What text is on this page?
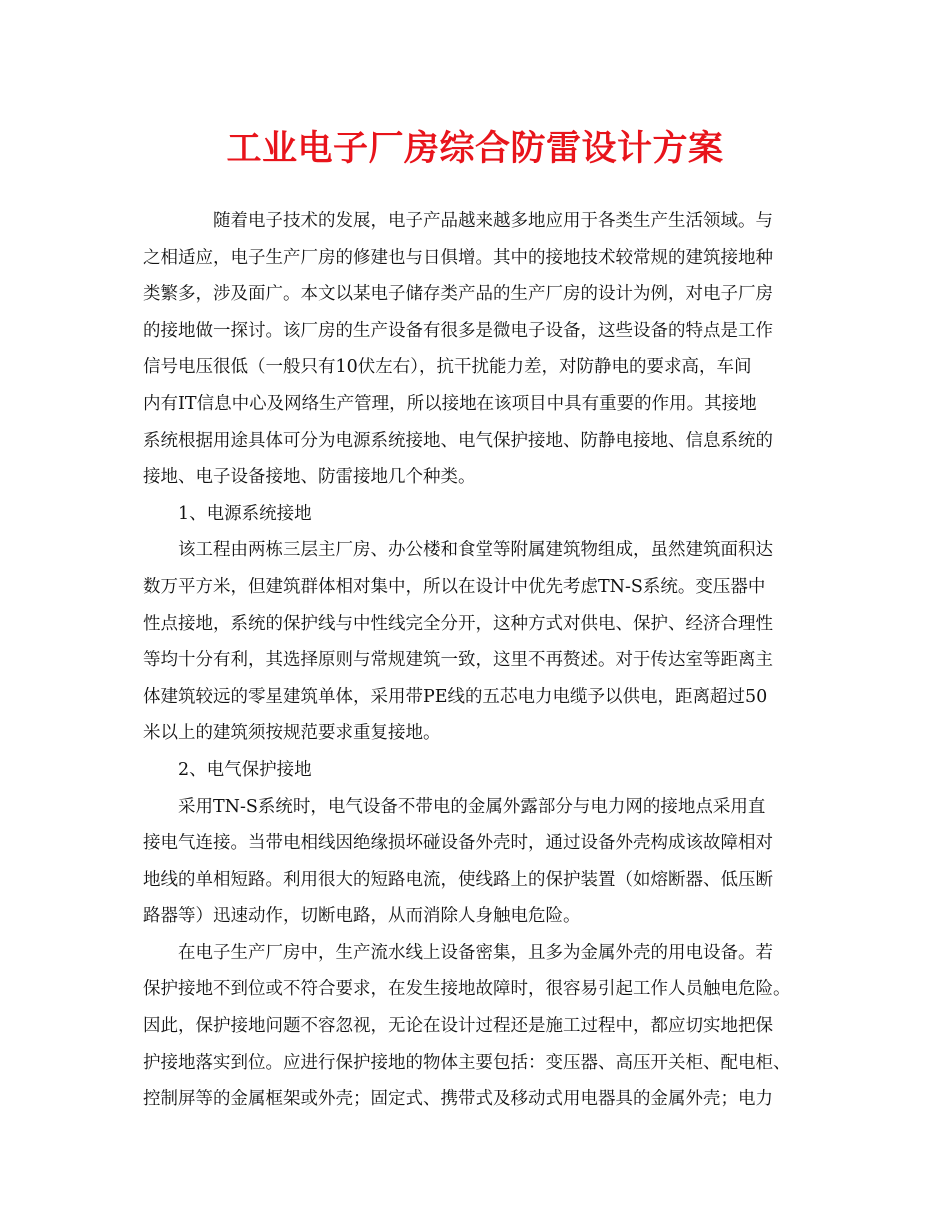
工业电子厂房综合防雷设计方案
随着电子技术的发展，电子产品越来越多地应用于各类生产生活领域。与
之相适应，电子生产厂房的修建也与日俱增。其中的接地技术较常规的建筑接地种
类繁多，涉及面广。本文以某电子储存类产品的生产厂房的设计为例，对电子厂房
的接地做一探讨。该厂房的生产设备有很多是微电子设备，这些设备的特点是工作
信号电压很低（一般只有10伏左右），抗干扰能力差，对防静电的要求高，车间
内有IT信息中心及网络生产管理，所以接地在该项目中具有重要的作用。其接地
系统根据用途具体可分为电源系统接地、电气保护接地、防静电接地、信息系统的
接地、电子设备接地、防雷接地几个种类。
1、电源系统接地
该工程由两栋三层主厂房、办公楼和食堂等附属建筑物组成，虽然建筑面积达
数万平方米，但建筑群体相对集中，所以在设计中优先考虑TN-S系统。变压器中
性点接地，系统的保护线与中性线完全分开，这种方式对供电、保护、经济合理性
等均十分有利，其选择原则与常规建筑一致，这里不再赘述。对于传达室等距离主
体建筑较远的零星建筑单体，采用带PE线的五芯电力电缆予以供电，距离超过50
米以上的建筑须按规范要求重复接地。
2、电气保护接地
采用TN-S系统时，电气设备不带电的金属外露部分与电力网的接地点采用直
接电气连接。当带电相线因绝缘损坏碰设备外壳时，通过设备外壳构成该故障相对
地线的单相短路。利用很大的短路电流，使线路上的保护装置（如熔断器、低压断
路器等）迅速动作，切断电路，从而消除人身触电危险。
在电子生产厂房中，生产流水线上设备密集，且多为金属外壳的用电设备。若
保护接地不到位或不符合要求，在发生接地故障时，很容易引起工作人员触电危险。
因此，保护接地问题不容忽视，无论在设计过程还是施工过程中，都应切实地把保
护接地落实到位。应进行保护接地的物体主要包括：变压器、高压开关柜、配电柜、
控制屏等的金属框架或外壳；固定式、携带式及移动式用电器具的金属外壳；电力
